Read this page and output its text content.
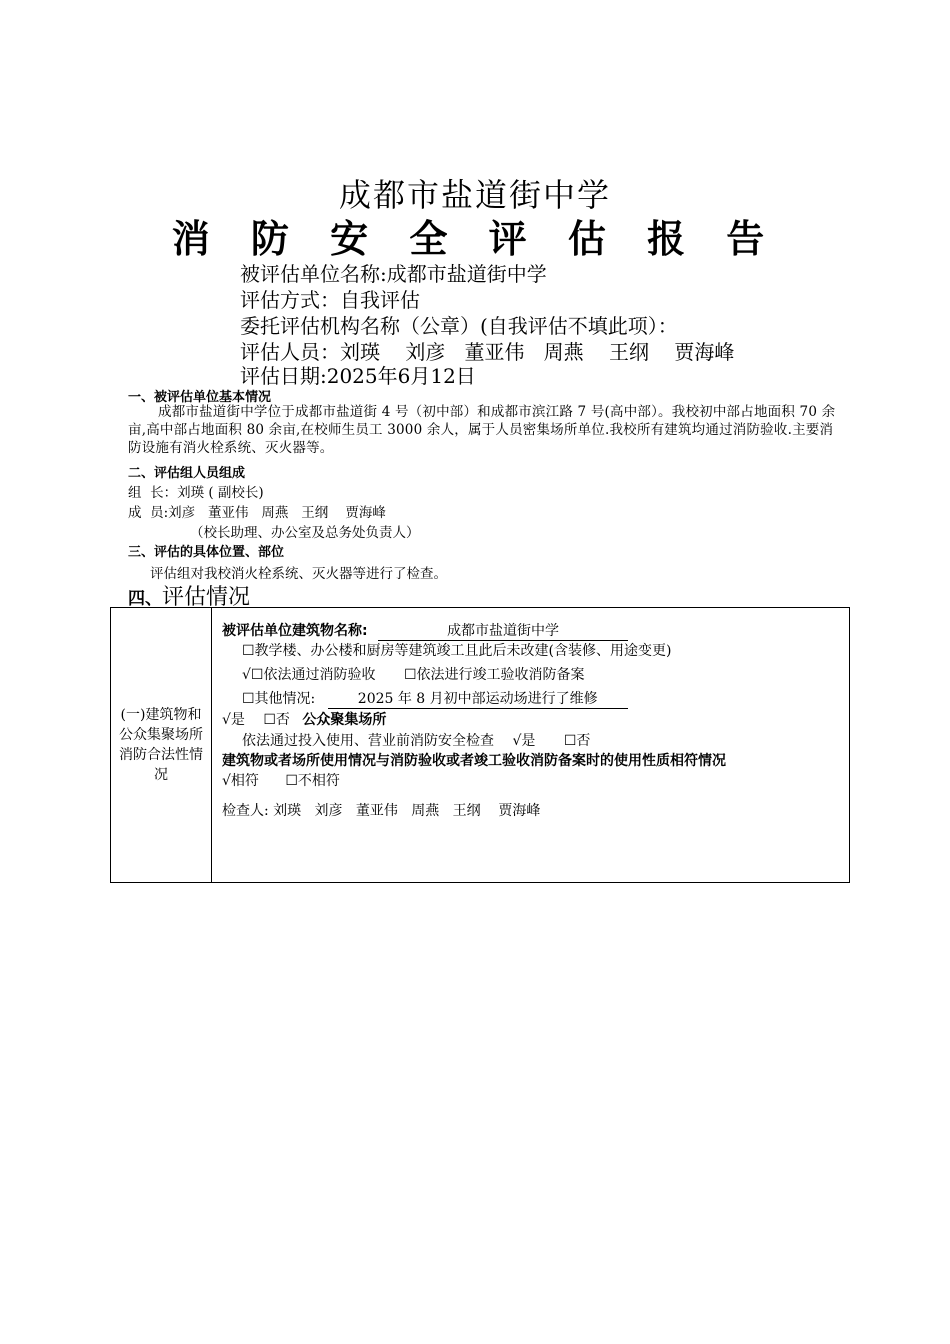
成都市盐道街中学
消 防 安 全 评 估 报 告
被评估单位名称:成都市盐道街中学
评估方式：自我评估
委托评估机构名称（公章）(自我评估不填此项）：
评估人员：刘瑛    刘彦   董亚伟   周燕    王纲    贾海峰
评估日期:2025年6月12日
一、被评估单位基本情况
成都市盐道街中学位于成都市盐道街 4 号（初中部）和成都市滨江路 7 号(高中部）。我校初中部占地面积 70 余亩,高中部占地面积 80 余亩,在校师生员工 3000 余人，属于人员密集场所单位.我校所有建筑均通过消防验收.主要消防设施有消火栓系统、灭火器等。
二、评估组人员组成
组  长：刘瑛 ( 副校长)
成  员:刘彦   董亚伟   周燕   王纲    贾海峰
（校长助理、办公室及总务处负责人）
三、评估的具体位置、部位
评估组对我校消火栓系统、灭火器等进行了检查。
四、评估情况
(一)建筑物和公众集聚场所消防合法性情况

被评估单位建筑物名称:	成都市盐道街中学
☐教学楼、办公楼和厨房等建筑竣工且此后未改建(含装修、用途变更)
√☐依法通过消防验收 ☐依法进行竣工验收消防备案
☐其他情况:	2025 年 8 月初中部运动场进行了维修
√是 ☐否 公众聚集场所
依法通过投入使用、营业前消防安全检查 √是 ☐否
建筑物或者场所使用情况与消防验收或者竣工验收消防备案时的使用性质相符情况
√相符 ☐不相符
检查人: 刘瑛   刘彦   董亚伟   周燕   王纲    贾海峰
